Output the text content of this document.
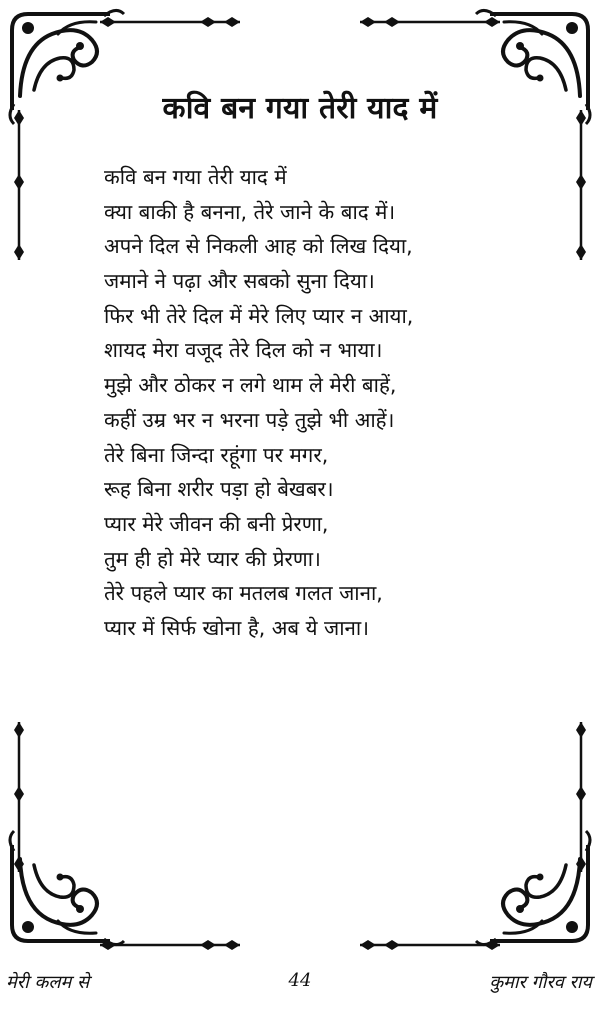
कवि बन गया तेरी याद में
कवि बन गया तेरी याद में
क्या बाकी है बनना, तेरे जाने के बाद में।
अपने दिल से निकली आह को लिख दिया,
जमाने ने पढ़ा और सबको सुना दिया।
फिर भी तेरे दिल में मेरे लिए प्यार न आया,
शायद मेरा वजूद तेरे दिल को न भाया।
मुझे और ठोकर न लगे थाम ले मेरी बाहें,
कहीं उम्र भर न भरना पड़े तुझे भी आहें।
तेरे बिना जिन्दा रहूंगा पर मगर,
रूह बिना शरीर पड़ा हो बेखबर।
प्यार मेरे जीवन की बनी प्रेरणा,
तुम ही हो मेरे प्यार की प्रेरणा।
तेरे पहले प्यार का मतलब गलत जाना,
प्यार में सिर्फ खोना है, अब ये जाना।
मेरी कलम से	44	कुमार गौरव राय
